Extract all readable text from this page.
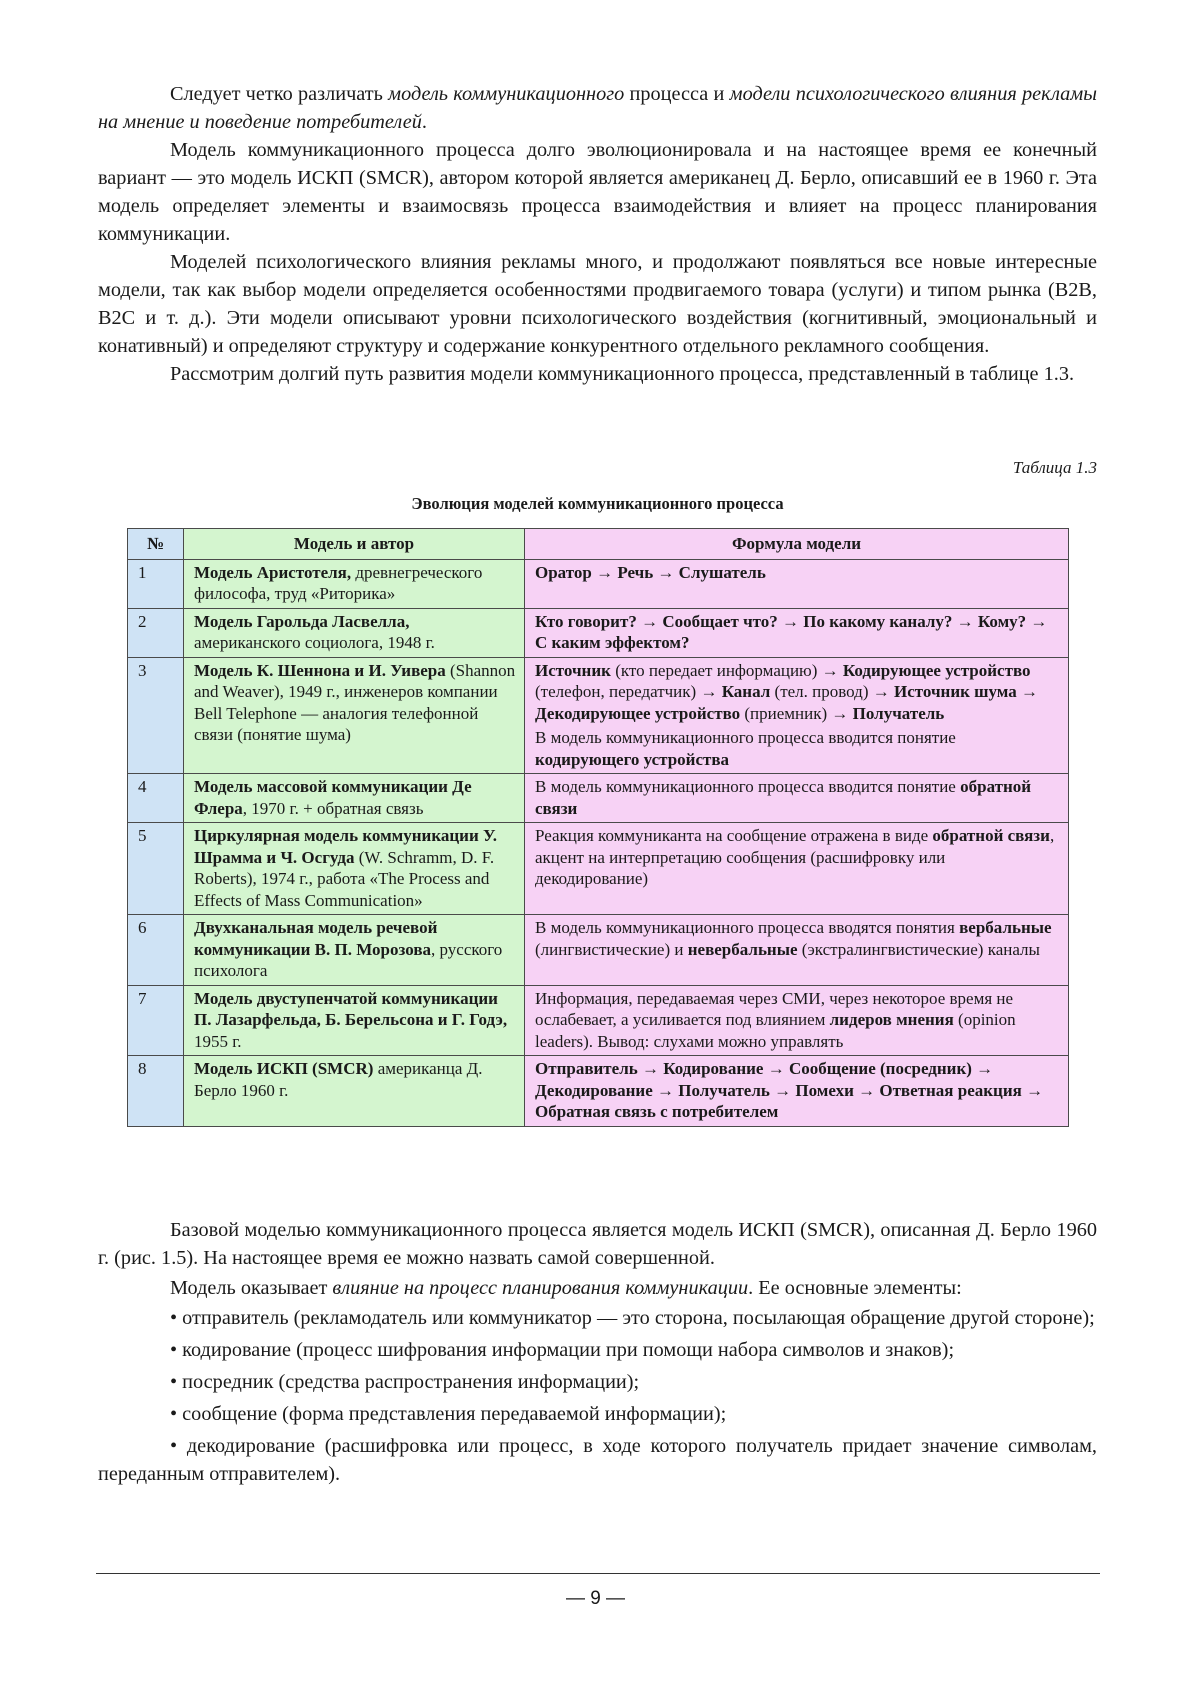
Следует четко различать модель коммуникационного процесса и модели психологического влияния рекламы на мнение и поведение потребителей.

Модель коммуникационного процесса долго эволюционировала и на настоящее время ее конечный вариант — это модель ИСКП (SMCR), автором которой является американец Д. Берло, описавший ее в 1960 г. Эта модель определяет элементы и взаимосвязь процесса взаимодействия и влияет на процесс планирования коммуникации.

Моделей психологического влияния рекламы много, и продолжают появляться все новые интересные модели, так как выбор модели определяется особенностями продвигаемого товара (услуги) и типом рынка (B2B, B2C и т. д.). Эти модели описывают уровни психологического воздействия (когнитивный, эмоциональный и конативный) и определяют структуру и содержание конкурентного отдельного рекламного сообщения.

Рассмотрим долгий путь развития модели коммуникационного процесса, представленный в таблице 1.3.

Таблица 1.3
Эволюция моделей коммуникационного процесса
№	Модель и автор	Формула модели
1	Модель Аристотеля, древнегреческого философа, труд «Риторика»	Оратор → Речь → Слушатель
2	Модель Гарольда Ласвелла, американского социолога, 1948 г.	Кто говорит? → Сообщает что? → По какому каналу? → Кому? → С каким эффектом?
3	Модель К. Шеннона и И. Уивера (Shannon and Weaver), 1949 г., инженеров компании Bell Telephone — аналогия телефонной связи (понятие шума)	Источник (кто передает информацию) → Кодирующее устройство (телефон, передатчик) → Канал (тел. провод) → Источник шума → Декодирующее устройство (приемник) → Получатель
В модель коммуникационного процесса вводится понятие кодирующего устройства

4	Модель массовой коммуникации Де Флера, 1970 г. + обратная связь	В модель коммуникационного процесса вводится понятие обратной связи
5	Циркулярная модель коммуникации У. Шрамма и Ч. Осгуда (W. Schramm, D. F. Roberts), 1974 г., работа «The Process and Effects of Mass Communication»	Реакция коммуниканта на сообщение отражена в виде обратной связи, акцент на интерпретацию сообщения (расшифровку или декодирование)
6	Двухканальная модель речевой коммуникации В. П. Морозова, русского психолога	В модель коммуникационного процесса вводятся понятия вербальные (лингвистические) и невербальные (экстралингвистические) каналы
7	Модель двуступенчатой коммуникации П. Лазарфельда, Б. Берельсона и Г. Годэ, 1955 г.	Информация, передаваемая через СМИ, через некоторое время не ослабевает, а усиливается под влиянием лидеров мнения (opinion leaders). Вывод: слухами можно управлять
8	Модель ИСКП (SMCR) американца Д. Берло 1960 г.	Отправитель → Кодирование → Сообщение (посредник) → Декодирование → Получатель → Помехи → Ответная реакция → Обратная связь с потребителем

Базовой моделью коммуникационного процесса является модель ИСКП (SMCR), описанная Д. Берло 1960 г. (рис. 1.5). На настоящее время ее можно назвать самой совершенной.

Модель оказывает влияние на процесс планирования коммуникации. Ее основные элементы:

• отправитель (рекламодатель или коммуникатор — это сторона, посылающая обращение другой стороне);

• кодирование (процесс шифрования информации при помощи набора символов и знаков);

• посредник (средства распространения информации);

• сообщение (форма представления передаваемой информации);

• декодирование (расшифровка или процесс, в ходе которого получатель придает значение символам, переданным отправителем).

— 9 —
